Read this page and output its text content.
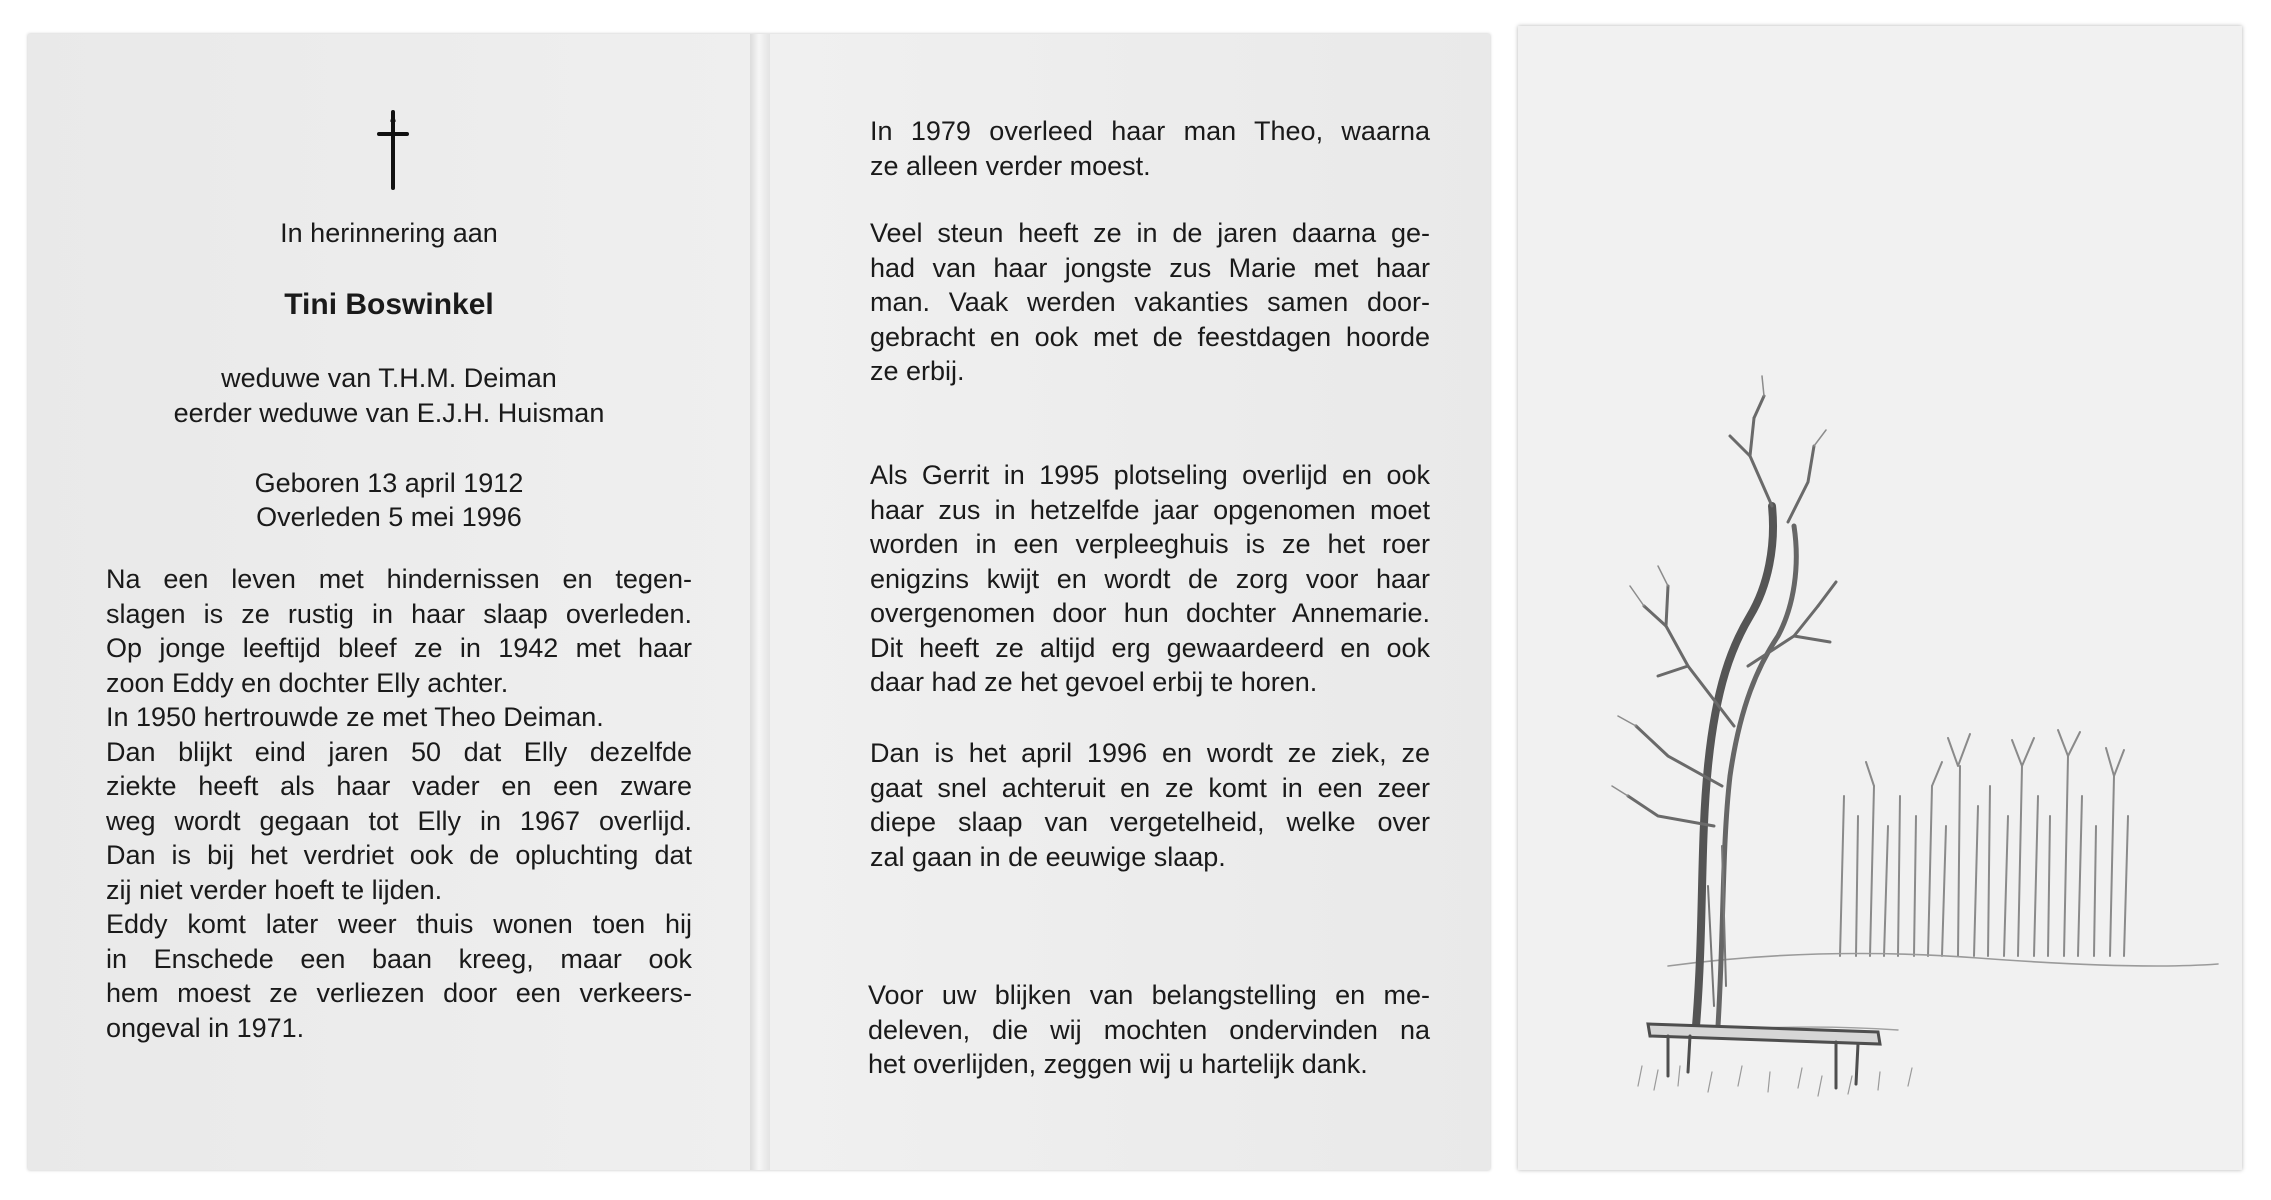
In herinnering aan
Tini Boswinkel
weduwe van T.H.M. Deiman
eerder weduwe van E.J.H. Huisman
Geboren 13 april 1912
Overleden 5 mei 1996
Na een leven met hindernissen en tegen-
slagen is ze rustig in haar slaap overleden.
Op jonge leeftijd bleef ze in 1942 met haar
zoon Eddy en dochter Elly achter.
In 1950 hertrouwde ze met Theo Deiman.
Dan blijkt eind jaren 50 dat Elly dezelfde
ziekte heeft als haar vader en een zware
weg wordt gegaan tot Elly in 1967 overlijd.
Dan is bij het verdriet ook de opluchting dat
zij niet verder hoeft te lijden.
Eddy komt later weer thuis wonen toen hij
in Enschede een baan kreeg, maar ook
hem moest ze verliezen door een verkeers-
ongeval in 1971.
In 1979 overleed haar man Theo, waarna
ze alleen verder moest.
Veel steun heeft ze in de jaren daarna ge-
had van haar jongste zus Marie met haar
man. Vaak werden vakanties samen door-
gebracht en ook met de feestdagen hoorde
ze erbij.
Als Gerrit in 1995 plotseling overlijd en ook
haar zus in hetzelfde jaar opgenomen moet
worden in een verpleeghuis is ze het roer
enigzins kwijt en wordt de zorg voor haar
overgenomen door hun dochter Annemarie.
Dit heeft ze altijd erg gewaardeerd en ook
daar had ze het gevoel erbij te horen.
Dan is het april 1996 en wordt ze ziek, ze
gaat snel achteruit en ze komt in een zeer
diepe slaap van vergetelheid, welke over
zal gaan in de eeuwige slaap.
Voor uw blijken van belangstelling en me-
deleven, die wij mochten ondervinden na
het overlijden, zeggen wij u hartelijk dank.
